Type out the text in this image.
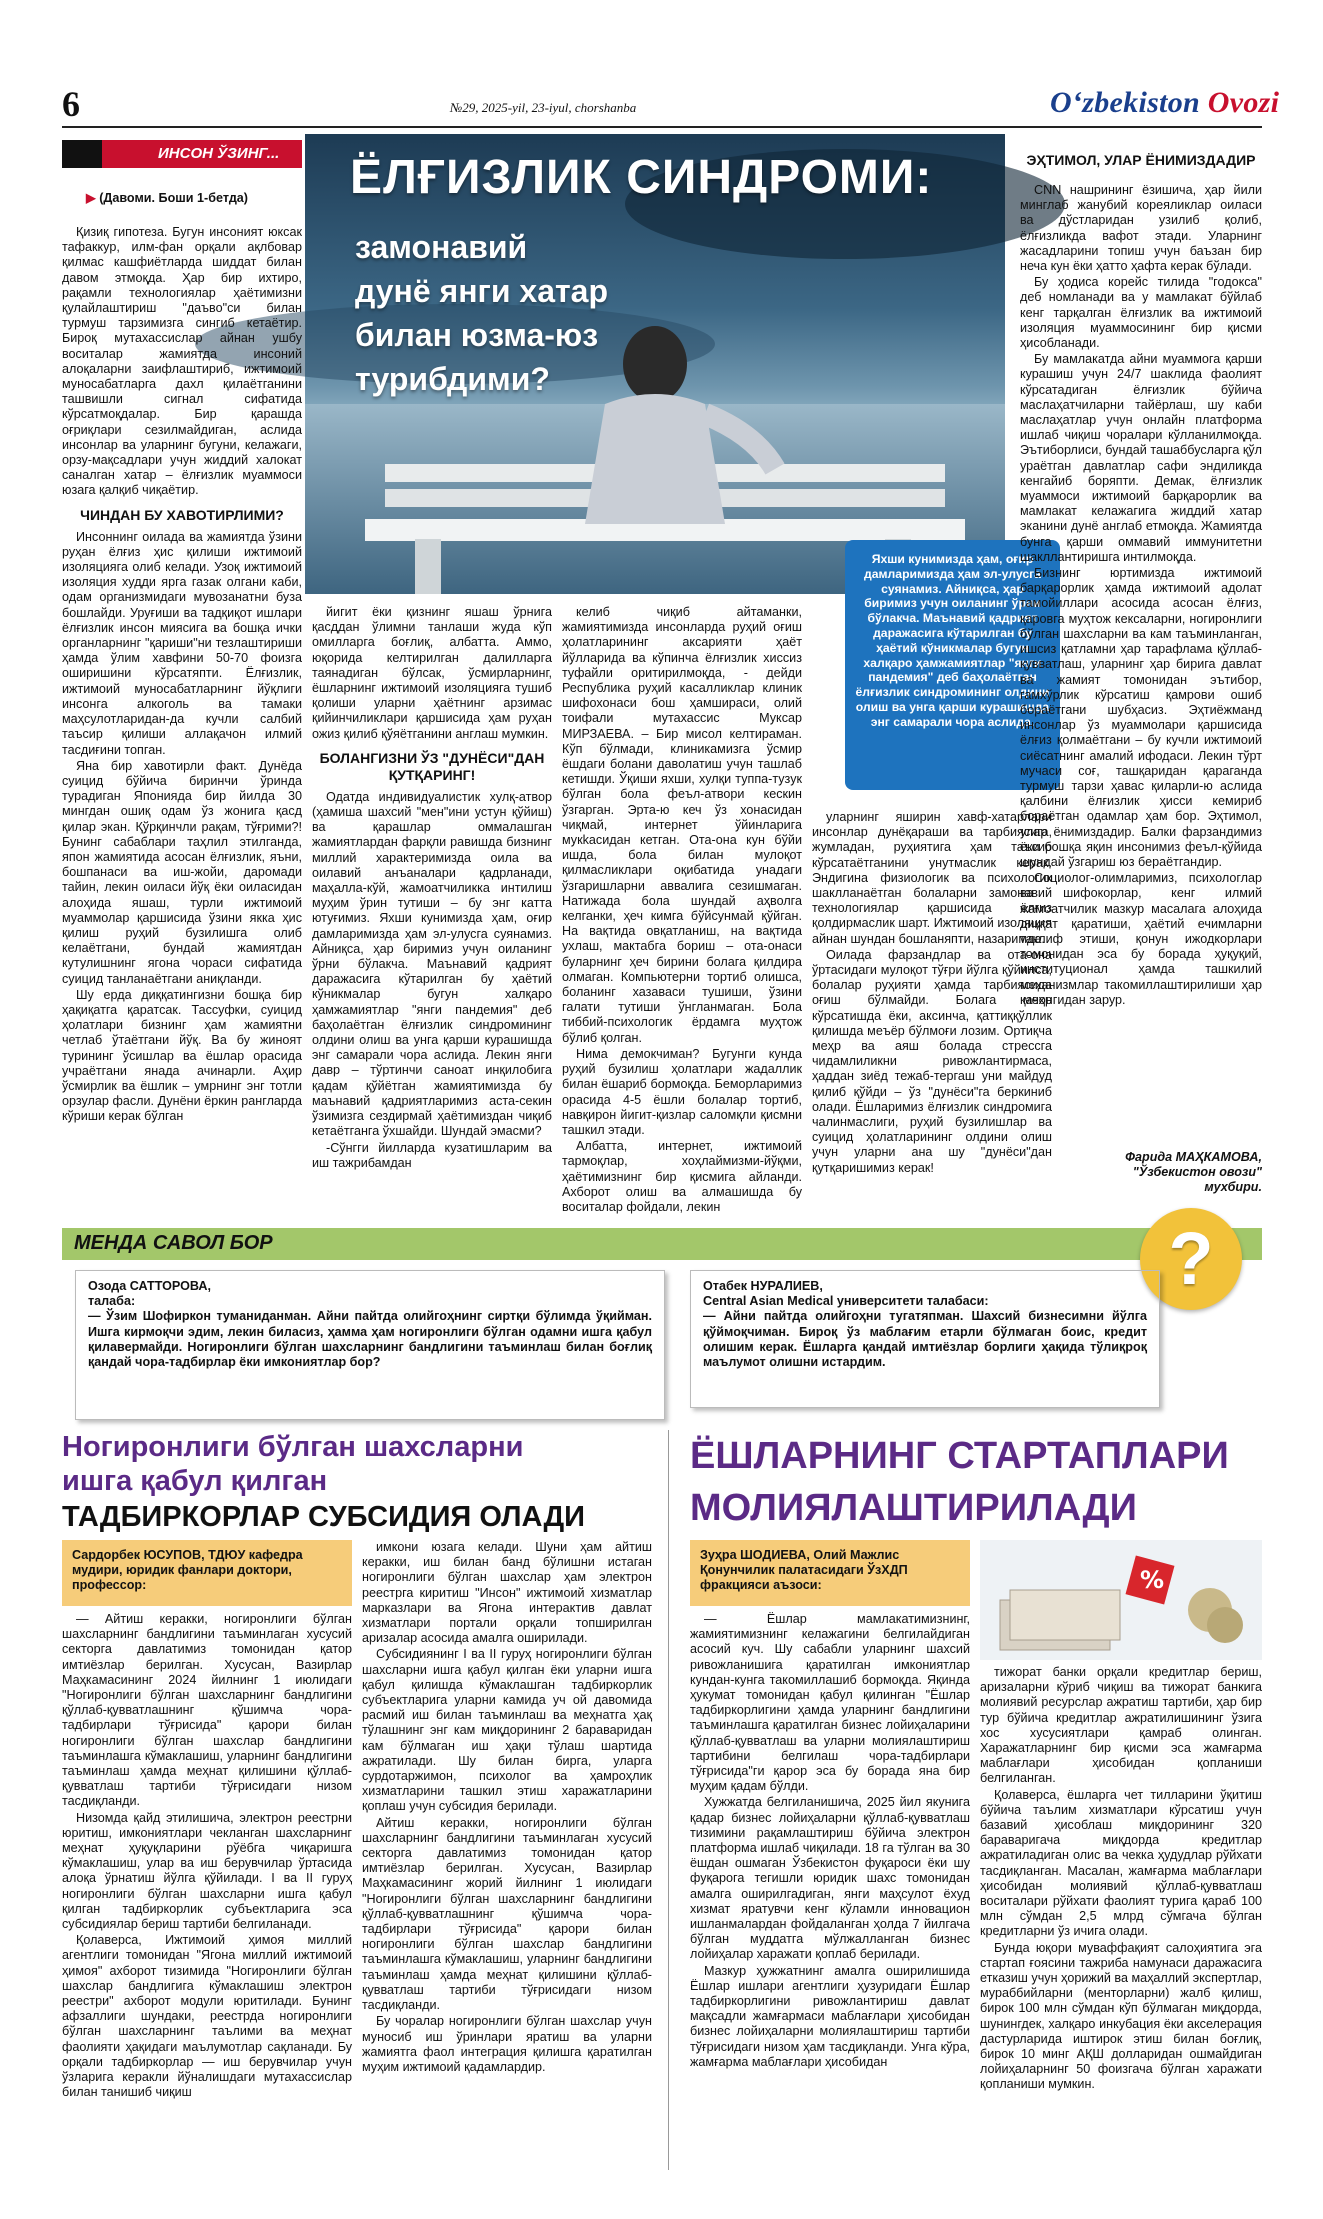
6	№29, 2025-yil, 23-iyul, chorshanba	O‘zbekiston Ovozi
ИНСОН ЎЗИНГ...
▶ (Давоми. Боши 1-бетда) ЁЛҒИЗЛИК СИНДРОМИ:
замонавий
дунё янги хатар
билан юзма-юз
турибдими?
Яхши кунимизда ҳам, оғир дамларимизда ҳам эл-улусга суянамиз. Айниқса, ҳар биримиз учун оиланинг ўрни бўлакча. Маънавий қадрият даражасига кўтарилган бу ҳаётий кўникмалар бугун халқаро ҳамжамиятлар "янги пандемия" деб баҳолаётган ёлғизлик синдромининг олдини олиш ва унга қарши курашишда энг самарали чора аслида.

Қизиқ гипотеза. Бугун инсоният юксак тафаккур, илм-фан орқали ақлбовар қилмас кашфиётларда шиддат билан давом этмоқда. Ҳар бир ихтиро, рақамли технологиялар ҳаётимизни қулайлаштириш "даъво"си билан турмуш тарзимизга сингиб кетаётир. Бироқ мутахассислар айнан ушбу воситалар жамиятда инсоний алоқаларни заифлаштириб, ижтимоий муносабатларга дахл қилаётганини ташвишли сигнал сифатида кўрсатмоқдалар. Бир қарашда оғриқлари сезилмайдиган, аслида инсонлар ва уларнинг бугуни, келажаги, орзу-мақсадлари учун жиддий халокат саналган хатар – ёлғизлик муаммоси юзага қалқиб чиқаётир.

ЧИНДАН БУ ХАВОТИРЛИМИ?

Инсоннинг оилада ва жамиятда ўзини руҳан ёлғиз ҳис қилиши ижтимоий изоляцияга олиб келади. Узоқ ижтимоий изоляция худди ярга газак олгани каби, одам организмидаги мувозанатни бузa бошлайди. Уруғиши ва тадқиқот ишлари ёлғизлик инсон миясига ва бошқа ички органларнинг "қариши"ни тезлаштириши ҳамда ўлим хавфини 50-70 фоизга оширишини кўрсатяпти. Ёлғизлик, ижтимоий муносабатларнинг йўқлиги инсонга алкоголь ва тамаки маҳсулотларидан-да кучли салбий таъсир қилиши аллақачон илмий тасдиғини топган.

Яна бир хавотирли факт. Дунёда суицид бўйича биринчи ўринда турадиган Японияда бир йилда 30 мингдан ошиқ одам ўз жонига қасд қилар экан. Қўрқинчли рақам, тўғрими?! Бунинг сабаблари таҳлил этилганда, япон жамиятида асосан ёлғизлик, яъни, бошпанаси ва иш-жойи, даромади тайин, лекин оиласи йўқ ёки оиласидан алоҳида яшаш, турли ижтимоий муаммолар қаршисида ўзини якка ҳис қилиш руҳий бузилишга олиб келаётгани, бундай жамиятдан кутулишнинг ягона чораси сифатида суицид танланаётгани аниқланди.

Шу ерда диққатингизни бошқа бир ҳақиқатга қаратсак. Тассуфки, суицид ҳолатлари бизнинг ҳам жамиятни четлаб ўтаётгани йўқ. Ва бу жиноят турининг ўсишлар ва ёшлар орасида учраётгани янада ачинарли. Аҳир ўсмирлик ва ёшлик – умрнинг энг тотли орзулар фасли. Дунёни ёркин рангларда кўриши керак бўлган

йигит ёки қизнинг яшаш ўрнига қасддан ўлимни танлаши жуда кўп омилларга боғлиқ, албатта. Аммо, юқорида келтирилган далилларга таянадиган бўлсак, ўсмирларнинг, ёшларнинг ижтимоий изоляцияга тушиб қолиши уларни ҳаётнинг арзимас қийинчиликлари қаршисида ҳам руҳан ожиз қилиб қўяётганини англаш мумкин.

БОЛАНГИЗНИ ЎЗ "ДУНЁСИ"ДАН ҚУТҚАРИНГ!

Одатда индивидуалистик хулқ-атвор (ҳамиша шахсий "мен"ини устун қўйиш) ва қарашлар оммалашган жамиятлардан фарқли равишда бизнинг миллий характеримизда оила ва оилавий анъаналари қадрланади, маҳалла-кўй, жамоатчиликка интилиш муҳим ўрин тутиши – бу энг катта ютуғимиз. Яхши кунимизда ҳам, оғир дамларимизда ҳам эл-улусга суянамиз. Айниқса, ҳар биримиз учун оиланинг ўрни бўлакча. Маънавий қадрият даражасига кўтарилган бу ҳаётий кўникмалар бугун халқаро ҳамжамиятлар "янги пандемия" деб баҳолаётган ёлғизлик синдромининг олдини олиш ва унга қарши курашишда энг самарали чора аслида. Лекин янги давр – тўртинчи саноат инқилобига қадам қўйётган жамиятимизда бу маънавий қадриятларимиз аста-секин ўзимизга сездирмай ҳаётимиздан чиқиб кетаётганга ўхшайди. Шундай эмасми?

-Сўнгги йилларда кузатишларим ва иш тажрибамдан

келиб чиқиб айтаманки, жамиятимизда инсонларда руҳий оғиш ҳолатларининг аксарияти ҳаёт йўлларида ва кўпинча ёлғизлик хиссиз туфайли оритирилмоқда, - дейди Республика руҳий касалликлар клиник шифохонаси бош ҳамшираси, олий тоифали мутахассис Муксар МИРЗАЕВА. – Бир мисол келтираман. Кўп бўлмади, клиникамизга ўсмир ёшдаги болани даволатиш учун ташлаб кетишди. Ўқиши яхши, хулқи туппа-тузук бўлган бола феъл-атвори кескин ўзгарган. Эрта-ю кеч ўз хонасидан чиқмай, интернет ўйинларига мукkасидан кетган. Ота-она кун бўйи ишда, бола билан мулоқот қилмасликлари оқибатида унадаги ўзгаришларни аввалига сезишмаган. Натижада бола шундай аҳволга келганки, ҳеч кимга бўйсунмай қўйган. На вақтида овқатланиш, на вақтида ухлаш, мактабга бориш – ота-онаси буларнинг ҳеч бирини болага қилдира олмаган. Компьютерни тортиб олишса, боланинг хазаваси тушиши, ўзини галати тутиши ўнгланмаган. Бола тиббий-психологик ёрдамга муҳтож бўлиб қолган.

Нима демокчиман? Бугунги кунда руҳий бузилиш ҳолатлари жадаллик билан ёшариб бормоқда. Беморларимиз орасида 4-5 ёшли болалар тортиб, навқирон йигит-қизлар саломқли қисмни ташкил этади.

Албатта, интернет, ижтимоий тармоқлар, хоҳлаймизми-йўқми, ҳаётимизнинг бир қисмига айланди. Ахборот олиш ва алмашишда бу воситалар фойдали, лекин

уларнинг яширин хавф-хатарлари инсонлар дунёқараши ва тарбиясига, жумладан, руҳиятига ҳам таъсир кўрсатаётганини унутмаслик керак. Эндигина физиологик ва психологик шаклланаётган болаларни замонавий технологиялар қаршисида ёлғиз қолдирмаслик шарт. Ижтимоий изоляция айнан шундан бошланяпти, назаримда.

Оилада фарзандлар ва ота-она ўртасидаги мулоқот тўғри йўлга қўйилса, болалар руҳияти ҳамда тарбиясида оғиш бўлмайди. Болага меҳр кўрсатишда ёки, аксинча, қаттиққўллик қилишда меъёр бўлмоғи лозим. Ортиқча меҳр ва аяш болада стрессга чидамлиликни ривожлантирмаса, ҳаддан зиёд тежаб-тергаш уни майдуд қилиб қўйди – ўз "дунёси"га беркиниб олади. Ёшларимиз ёлғизлик синдромига чалинмаслиги, руҳий бузилишлар ва суицид ҳолатларининг олдини олиш учун уларни ана шу "дунёси"дан қутқаришимиз керак!

ЭҲТИМОЛ, УЛАР ЁНИМИЗДАДИР

CNN нашрининг ёзишича, ҳар йили минглаб жанубий кореяликлар оиласи ва дўстларидан узилиб қолиб, ёлғизликда вафот этади. Уларнинг жасадларини топиш учун баъзан бир неча кун ёки ҳатто ҳафта керак бўлади.

Бу ҳодиса корейс тилида "годокса" деб номланади ва у мамлакат бўйлаб кенг тарқалган ёлғизлик ва ижтимоий изоляция муаммосининг бир қисми ҳисобланади.

Бу мамлакатда айни муаммога қарши курашиш учун 24/7 шаклида фаолият кўрсатадиган ёлғизлик бўйича маслаҳатчиларни тайёрлаш, шу каби маслаҳатлар учун онлайн платформа ишлаб чиқиш чоралари кўлланилмоқда. Эътиборлиси, бундай ташаббусларга қўл урaётган давлатлар сафи эндиликда кенгайиб боряпти. Демак, ёлғизлик муаммоси ижтимоий барқарорлик ва мамлакат келажагига жиддий хатар эканини дунё англаб етмоқда. Жамиятда бунга қарши оммавий иммунитетни шакллантиришга интилмоқда.

Бизнинг юртимизда ижтимоий барқарорлик ҳамда ижтимоий адолат тамойиллари асосида асосан ёлғиз, қаровга муҳтож кексаларни, ногиронлиги бўлган шахсларни ва кам таъминланган, ишсиз қатламни ҳар тарафлама қўллаб-қувватлаш, уларнинг ҳар бирига давлат ва жамият томонидан эътибор, гамхўрлик кўрсатиш қамрови ошиб бораётгани шубҳасиз. Эҳтиёжманд инсонлар ўз муаммолари қаршисида ёлғиз қолмаётгани – бу кучли ижтимоий сиёсатнинг амалий ифодаси. Лекин тўрт мучаси соғ, ташқаридан қараганда турмуш тарзи ҳавас қиларли-ю аслида қалбини ёлғизлик ҳисси кемириб бораётган одамлар ҳам бор. Эҳтимол, улар ёнимиздадир. Балки фарзандимиз ёки бошқа яқин инсонимиз феъл-қўйида шундай ўзгариш юз бераётгандир.

Социолог-олимларимиз, психологлар ва шифокорлар, кенг илмий жамоатчилик мазкур масалага алоҳида диққат қаратиши, ҳаётий ечимларни таклиф этиши, қонун ижодкорлари томонидан эса бу борада ҳуқуқий, институционал ҳамда ташкилий механизмлар такомиллаштирилиши ҳар қачонгидан зарур.

Фарида МАҲКАМОВА,
"Ўзбекистон овози"
мухбири.
МЕНДА САВОЛ БОР	?
Озода САТТОРОВА,
талаба:
— Ўзим Шофиркон тумaниданман. Айни пайтда олийгоҳнинг сиртқи бўлимда ўқийман. Ишга кирмоқчи эдим, лекин биласиз, ҳамма ҳам ногиронлиги бўлган одамни ишга қабул қилавермайди. Ногиронлиги бўлган шахсларнинг бандлигини таъминлаш билан боғлиқ қандай чора-тадбирлар ёки имкониятлар бор?
Отабек НУРАЛИЕВ,
Central Asian Medical университети талабаси:
— Айни пайтда олийгоҳни тугатяпман. Шахсий бизнесимни йўлга қўймоқчиман. Бироқ ўз маблағим етарли бўлмаган боис, кредит олишим керак. Ёшларга қандай имтиёзлар борлиги ҳақида тўлиқроқ маълумот олишни истардим.
Ногиронлиги бўлган шахсларни
ишга қабул қилган
ТАДБИРКОРЛАР СУБСИДИЯ ОЛАДИ
Сардорбек ЮСУПОВ, ТДЮУ кафедра мудири, юридик фанлари доктори, профессор:

— Айтиш керакки, ногиронлиги бўлган шахсларнинг бандлигини таъминлаган хусусий секторга давлатимиз томонидан қатор имтиёзлар берилган. Хусусан, Вазирлар Маҳкамасининг 2024 йилнинг 1 июлидаги "Ногиронлиги бўлган шахсларнинг бандлигини қўллаб-қувватлашнинг қўшимча чора-тадбирлари тўғрисида" қарори билан ногиронлиги бўлган шахслар бандлигини таъминлашга кўмаклашиш, уларнинг бандлигини таъминлаш ҳамда меҳнат қилишини қўллаб-қувватлаш тартиби тўғрисидаги низом тасдиқланди.

Низомда қайд этилишича, электрон реестрни юритиш, имкониятлари чекланган шахсларнинг меҳнат ҳуқуқларини рўёбга чиқаришга кўмаклашиш, улар ва иш берувчилар ўртасида алоқа ўрнатиш йўлга қўйилади. I ва II гуруҳ ногиронлиги бўлган шахсларни ишга қабул қилган тадбиркорлик субъектларига эса субсидиялар бериш тартиби белгиланади.

Қолаверса, Ижтимоий ҳимоя миллий агентлиги томонидан "Ягона миллий ижтимоий ҳимоя" ахборот тизимида "Ногиронлиги бўлган шахслар бандлигига кўмаклашиш электрон реестри" ахборот модули юритилади. Бунинг афзаллиги шундаки, реестрда ногиронлиги бўлган шахсларнинг таълими ва меҳнат фаолияти ҳақидаги маълумотлар сақланади. Бу орқали тадбиркорлар — иш берувчилар учун ўзларига керакли йўналишдаги мутахассислар билан танишиб чиқиш

имкони юзага келади. Шуни ҳам айтиш керакки, иш билан банд бўлишни истаган ногиронлиги бўлган шахслар ҳам электрон реестрга киритиш "Инсон" ижтимоий хизматлар марказлари ва Ягона интерактив давлат хизматлари портали орқали топширилган аризалар асосида амалга оширилади.

Субсидиянинг I ва II гуруҳ ногиронлиги бўлган шахсларни ишга қабул қилган ёки уларни ишга қабул қилишда кўмаклашган тадбиркорлик субъектларига уларни камида уч ой давомида расмий иш билан таъминлаш ва меҳнатга ҳақ тўлашнинг энг кам миқдорининг 2 бараваридан кам бўлмаган иш ҳақи тўлаш шартида ажратилади. Шу билан бирга, уларга сурдотаржимон, психолог ва ҳамроҳлик хизматларини ташкил этиш харажатларини қоплаш учун субсидия берилади.

Айтиш керакки, ногиронлиги бўлган шахсларнинг бандлигини таъминлаган хусусий секторга давлатимиз томонидан қатор имтиёзлар берилган. Хусусан, Вазирлар Маҳкамасининг жорий йилнинг 1 июлидаги "Ногиронлиги бўлган шахсларнинг бандлигини қўллаб-қувватлашнинг қўшимча чора-тадбирлари тўғрисида" қарори билан ногиронлиги бўлган шахслар бандлигини таъминлашга кўмаклашиш, уларнинг бандлигини таъминлаш ҳамда меҳнат қилишини қўллаб-қувватлаш тартиби тўғрисидаги низом тасдиқланди.

Бу чоралар ногиронлиги бўлган шахслар учун муносиб иш ўринлари яратиш ва уларни жамиятга фаол интеграция қилишга қаратилган муҳим ижтимоий қадамлардир.

ЁШЛАРНИНГ СТАРТАПЛАРИ
МОЛИЯЛАШТИРИЛАДИ
Зуҳра ШОДИЕВА, Олий Мажлис Қонунчилик палатасидаги ЎзХДП фракцияси аъзоси:	%

— Ёшлар мамлакатимизнинг, жамиятимизнинг келажагини белгилайдиган асосий куч. Шу сабабли уларнинг шахсий ривожланишига қаратилган имкониятлар кундан-кунга такомиллашиб бормоқда. Яқинда ҳукумат томонидан қабул қилинган "Ёшлар тадбиркорлигини ҳамда уларнинг бандлигини таъминлашга қаратилган бизнес лойиҳаларини қўллаб-қувватлаш ва уларни молиялаштириш тартибини белгилаш чора-тадбирлари тўғрисида"ги қарор эса бу борада яна бир муҳим қадам бўлди.

Хужжатда белгиланишича, 2025 йил якунига қадар бизнес лойиҳаларни қўллаб-қувватлаш тизимини рақамлаштириш бўйича электрон платформа ишлаб чиқилади. 18 га тўлган ва 30 ёшдан ошмаган Ўзбекистон фуқароси ёки шу фуқарога тегишли юридик шахс томонидан амалга оширилгадиган, янги маҳсулот ёхуд хизмат яратувчи кенг кўламли инновацион ишланмалардан фойдаланган ҳолда 7 йилгача бўлган муддатга мўлжалланган бизнес лойиҳалар харажати қоплаб берилади.

Мазкур ҳужжатнинг амалга оширилишида Ёшлар ишлари агентлиги ҳузуридаги Ёшлар тадбиркорлигини ривожлантириш давлат мақсадли жамғармаси маблағлари ҳисобидан бизнес лойиҳаларни молиялаштириш тартиби тўғрисидаги низом ҳам тасдиқланди. Унга кўра, жамғарма маблағлари ҳисобидан

тижорат банки орқали кредитлар бериш, аризаларни кўриб чиқиш ва тижорат банкига молиявий ресурслар ажратиш тартиби, ҳар бир тур бўйича кредитлар ажратилишининг ўзига хос хусусиятлари қамраб олинган. Харажатларнинг бир қисми эса жамғарма маблағлари ҳисобидан қопланиши белгиланган.

Қолаверса, ёшларга чет тилларини ўқитиш бўйича таълим хизматлари кўрсатиш учун базавий ҳисоблаш миқдорининг 320 бараваригача миқдорда кредитлар ажратиладиган олис ва чекка ҳудудлар рўйхати тасдиқланган. Масалан, жамғарма маблағлари ҳисобидан молиявий қўллаб-қувватлаш воситалари рўйхати фаолият турига қараб 100 млн сўмдан 2,5 млрд сўмгача бўлган кредитларни ўз ичига олади.

Бунда юқори муваффақият салоҳиятига эга стартап ғоясини тажриба намунаси даражасига етказиш учун ҳорижий ва маҳаллий экспертлар, мураббийларни (менторларни) жалб қилиш, бирок 100 млн сўмдан кўп бўлмаган миқдорда, шунингдек, халқаро инкубация ёки акселерация дастурларида иштирок этиш билан боғлиқ, бирок 10 минг АҚШ долларидан ошмайдиган лойиҳаларнинг 50 фоизгача бўлган харажати қопланиши мумкин.
